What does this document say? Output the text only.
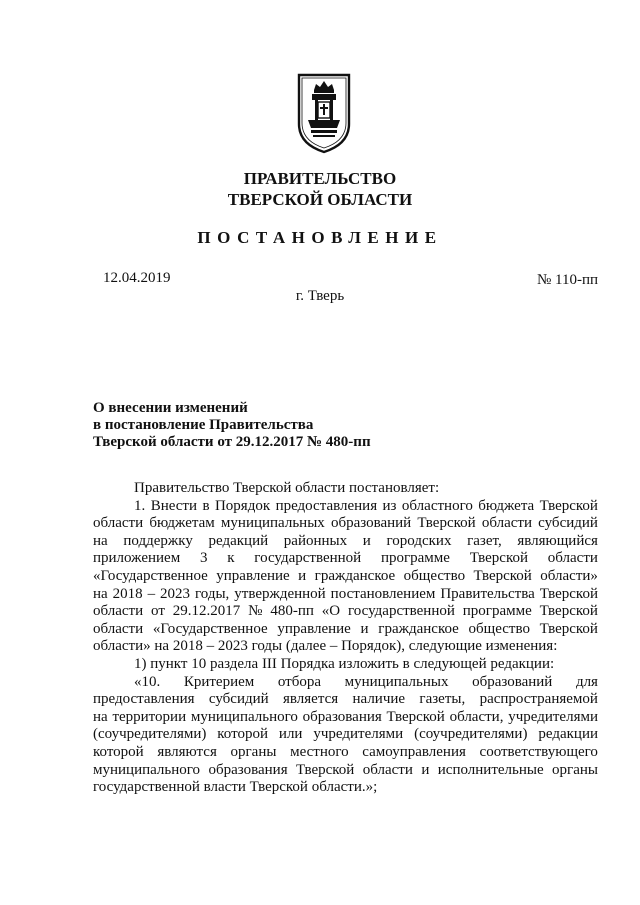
ПРАВИТЕЛЬСТВО
ТВЕРСКОЙ ОБЛАСТИ
ПОСТАНОВЛЕНИЕ
12.04.2019	№ 110-пп
г. Тверь
О внесении изменений
в постановление Правительства
Тверской области от 29.12.2017 № 480-пп
Правительство Тверской области постановляет:
1. Внести в Порядок предоставления из областного бюджета Тверской
области бюджетам муниципальных образований Тверской области субсидий
на поддержку редакций районных и городских газет, являющийся
приложением 3 к государственной программе Тверской области
«Государственное управление и гражданское общество Тверской области»
на 2018 – 2023 годы, утвержденной постановлением Правительства Тверской
области от 29.12.2017 № 480-пп «О государственной программе Тверской
области «Государственное управление и гражданское общество Тверской
области» на 2018 – 2023 годы (далее – Порядок), следующие изменения:
1) пункт 10 раздела III Порядка изложить в следующей редакции:
«10. Критерием отбора муниципальных образований для
предоставления субсидий является наличие газеты, распространяемой
на территории муниципального образования Тверской области, учредителями
(соучредителями) которой или учредителями (соучредителями) редакции
которой являются органы местного самоуправления соответствующего
муниципального образования Тверской области и исполнительные органы
государственной власти Тверской области.»;
